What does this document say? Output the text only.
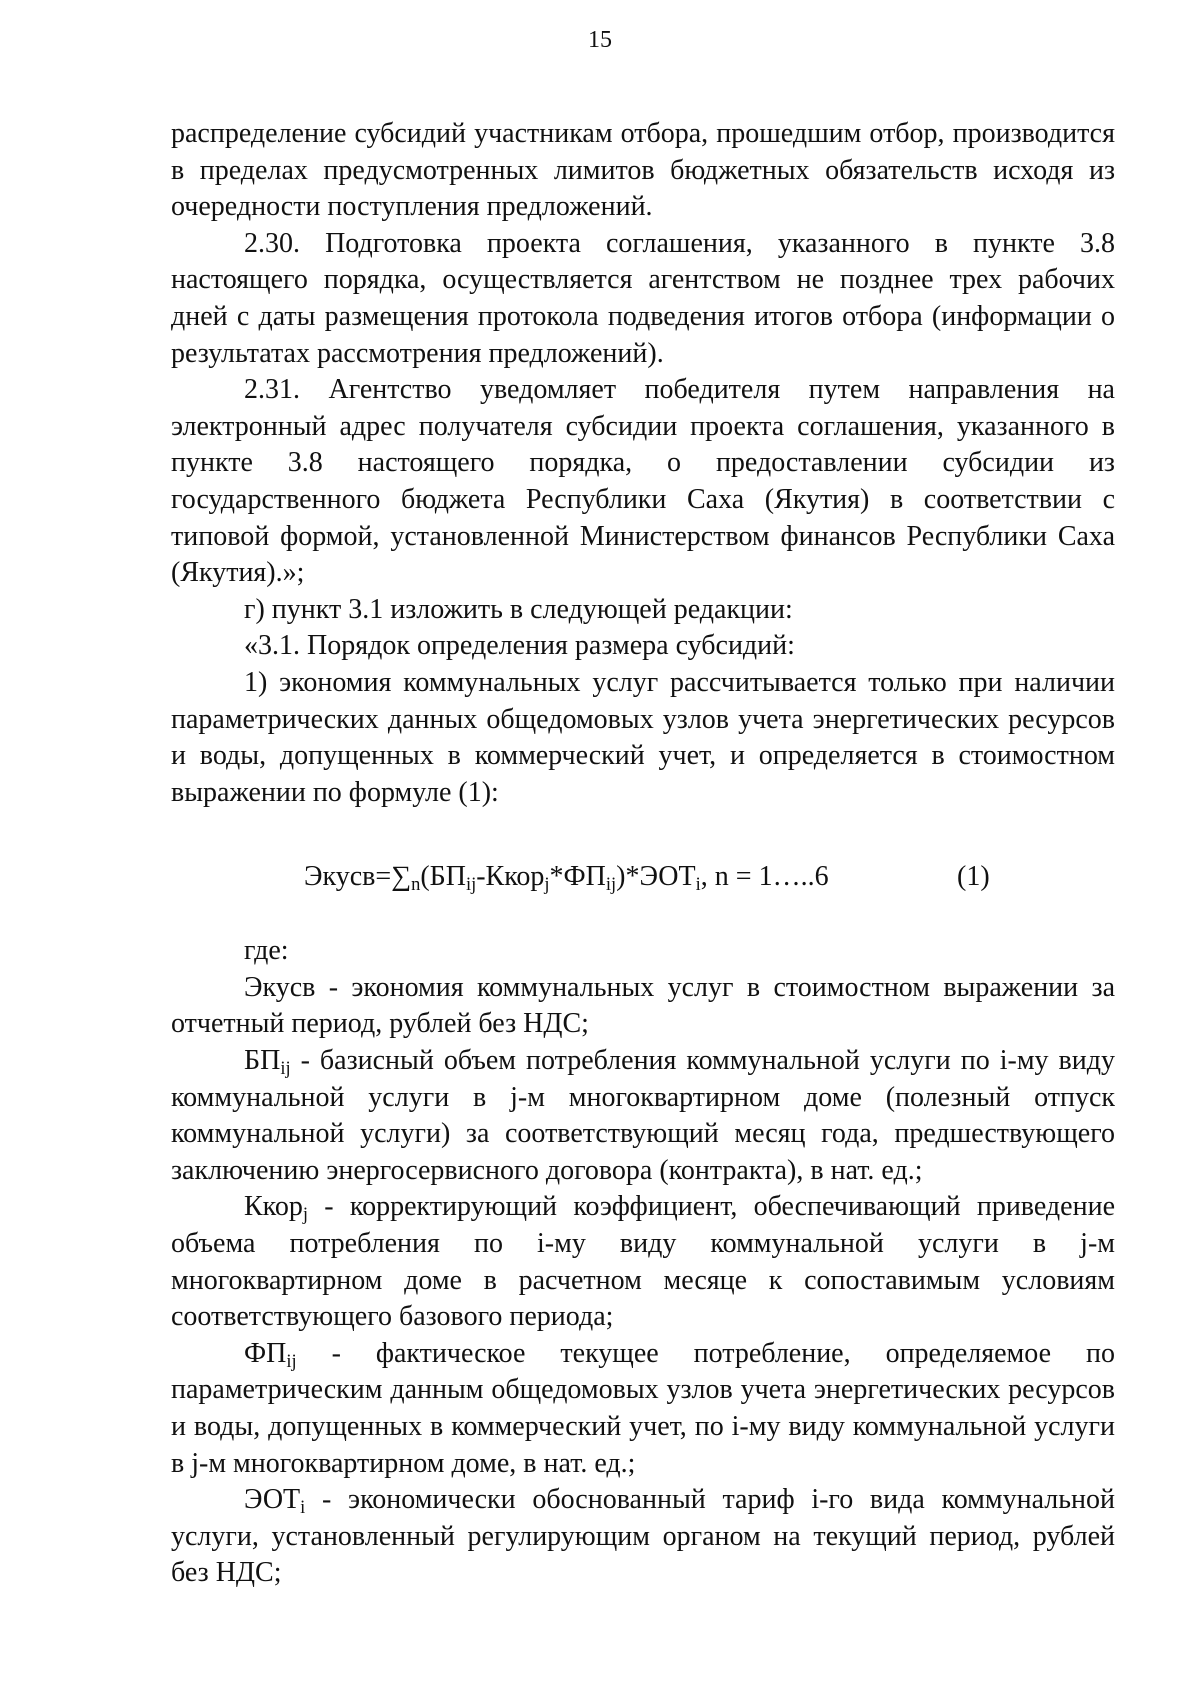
15

распределение субсидий участникам отбора, прошедшим отбор, производится в пределах предусмотренных лимитов бюджетных обязательств исходя из очередности поступления предложений.

2.30. Подготовка проекта соглашения, указанного в пункте 3.8 настоящего порядка, осуществляется агентством не позднее трех рабочих дней с даты размещения протокола подведения итогов отбора (информации о результатах рассмотрения предложений).

2.31. Агентство уведомляет победителя путем направления на электронный адрес получателя субсидии проекта соглашения, указанного в пункте 3.8 настоящего порядка, о предоставлении субсидии из государственного бюджета Республики Саха (Якутия) в соответствии с типовой формой, установленной Министерством финансов Республики Саха (Якутия).»;

г) пункт 3.1 изложить в следующей редакции:

«3.1. Порядок определения размера субсидий:

1) экономия коммунальных услуг рассчитывается только при наличии параметрических данных общедомовых узлов учета энергетических ресурсов и воды, допущенных в коммерческий учет, и определяется в стоимостном выражении по формуле (1):

$Экусв=\sum_n(БП_{ij}-Ккор_j*ФП_{ij})*ЭОТ_i$, n = 1…..6	(1)

где:

Экусв - экономия коммунальных услуг в стоимостном выражении за отчетный период, рублей без НДС;

$БП_{ij}$ - базисный объем потребления коммунальной услуги по i-му виду коммунальной услуги в j-м многоквартирном доме (полезный отпуск коммунальной услуги) за соответствующий месяц года, предшествующего заключению энергосервисного договора (контракта), в нат. ед.;

Ккор$_j$ - корректирующий коэффициент, обеспечивающий приведение объема потребления по i-му виду коммунальной услуги в j-м многоквартирном доме в расчетном месяце к сопоставимым условиям соответствующего базового периода;

$ФП_{ij}$ - фактическое текущее потребление, определяемое по параметрическим данным общедомовых узлов учета энергетических ресурсов и воды, допущенных в коммерческий учет, по i-му виду коммунальной услуги в j-м многоквартирном доме, в нат. ед.;

$ЭОТ_i$ - экономически обоснованный тариф i-го вида коммунальной услуги, установленный регулирующим органом на текущий период, рублей без НДС;
